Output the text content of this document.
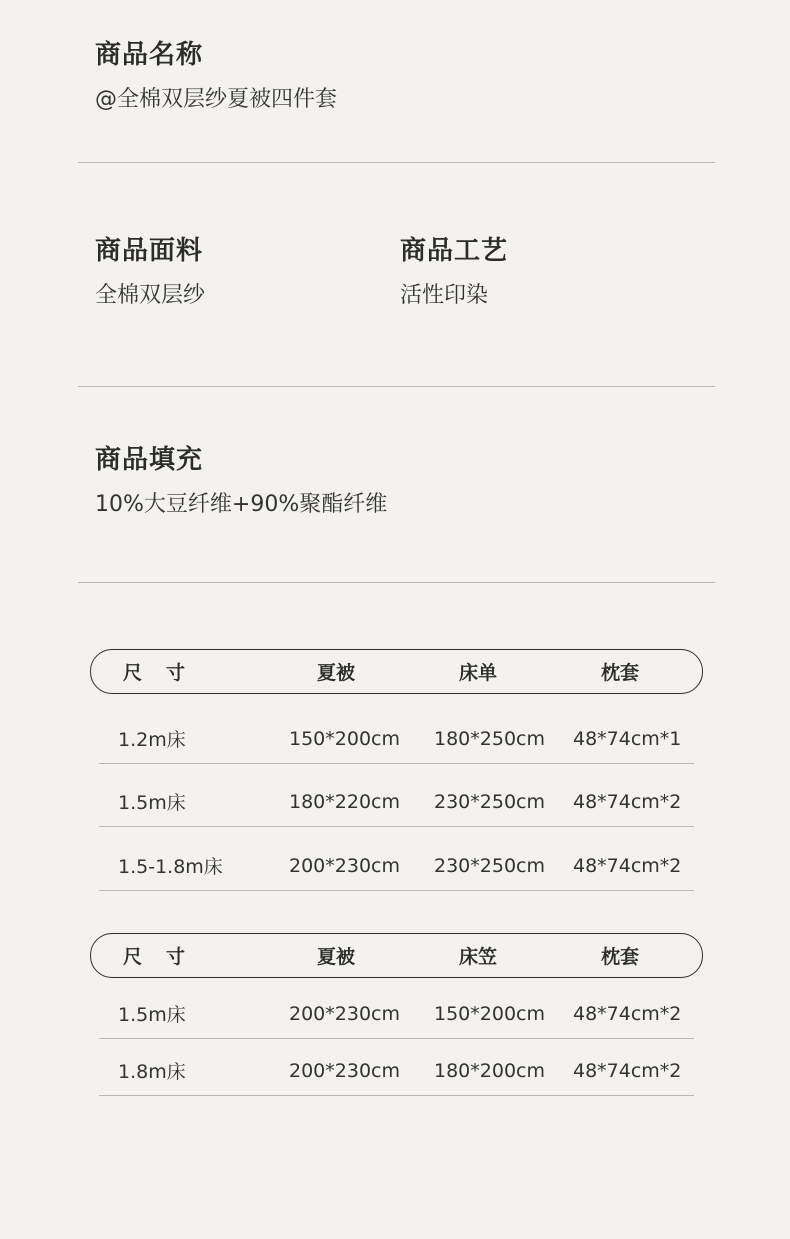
商品名称
@全棉双层纱夏被四件套
商品面料
全棉双层纱
商品工艺
活性印染
商品填充
10%大豆纤维+90%聚酯纤维
尺寸	夏被	床单	枕套
1.2m床	150*200cm 180*250cm 48*74cm*1
1.5m床	180*220cm 230*250cm 48*74cm*2
1.5-1.8m床	200*230cm 230*250cm 48*74cm*2
尺寸	夏被	床笠	枕套
1.5m床	200*230cm 150*200cm 48*74cm*2
1.8m床	200*230cm 180*200cm 48*74cm*2
